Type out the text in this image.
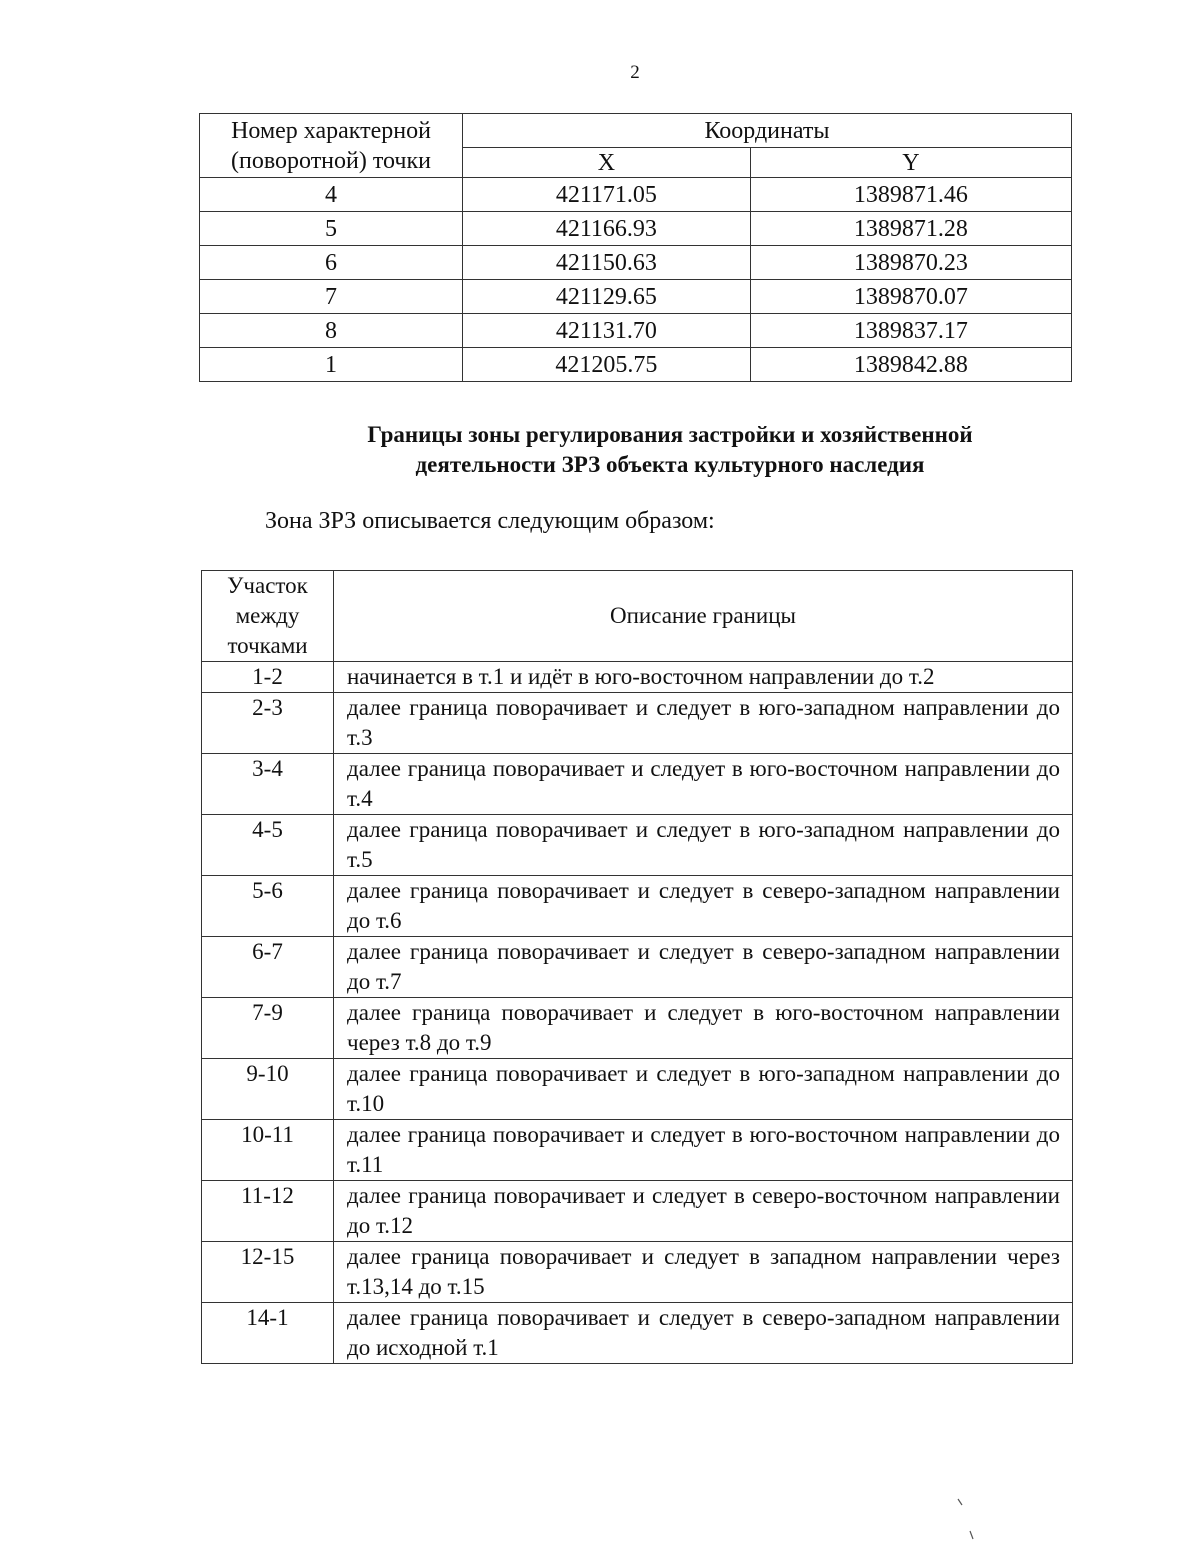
2
Номер характерной (поворотной) точки	Координаты	
	X	Y
4	421171.05	1389871.46
5	421166.93	1389871.28
6	421150.63	1389870.23
7	421129.65	1389870.07
8	421131.70	1389837.17
1	421205.75	1389842.88
Границы зоны регулирования застройки и хозяйственной
деятельности ЗРЗ объекта культурного наследия
Зона ЗРЗ описывается следующим образом:
Участок между точками	Описание границы
1-2	начинается в т.1 и идёт в юго-восточном направлении до т.2
2-3	далее граница поворачивает и следует в юго-западном направлении до т.3
3-4	далее граница поворачивает и следует в юго-восточном направлении до т.4
4-5	далее граница поворачивает и следует в юго-западном направлении до т.5
5-6	далее граница поворачивает и следует в северо-западном направлении до т.6
6-7	далее граница поворачивает и следует в северо-западном направлении до т.7
7-9	далее граница поворачивает и следует в юго-восточном направлении через т.8 до т.9
9-10	далее граница поворачивает и следует в юго-западном направлении до т.10
10-11	далее граница поворачивает и следует в юго-восточном направлении до т.11
11-12	далее граница поворачивает и следует в северо-восточном направлении до т.12
12-15	далее граница поворачивает и следует в западном направлении через т.13,14 до т.15
14-1	далее граница поворачивает и следует в северо-западном направлении до исходной т.1
